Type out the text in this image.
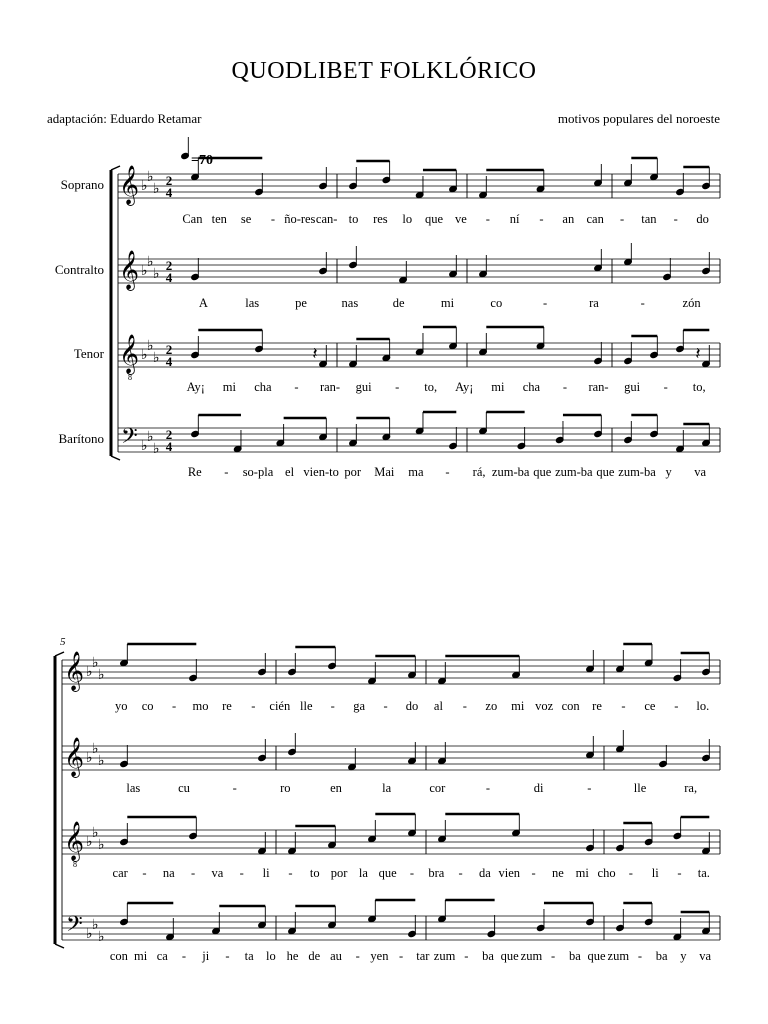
QUODLIBET FOLKLÓRICO
adaptación: Eduardo Retamar	motivos populares del noroeste
𝄞 ♭
♭
♭
2
4
Can ten se - ño-res can- to res lo que ve - ní - an can - tan - do
Soprano
𝄞 ♭
♭
♭
2
4
A	las	pe	nas	de	mi	co	-	ra	-	zón
Contralto
𝄞
8
♭
♭
♭
2
4	𝄽	𝄽
Ay¡ mi cha - ran- gui - to, Ay¡ mi cha - ran- gui - to,
Tenor
𝄢 ♭
♭
♭
2
4
Re - so-pla el vien-to por Mai ma - rá, zum-ba que zum-ba que zum-ba y va
Barítono
𝄞 ♭
♭
♭
yo co - mo re - cién lle - ga - do al - zo mi voz con re - ce - lo.
𝄞 ♭
♭
♭
las	cu	-	ro	en	la	cor	-	di	-	lle	ra,
𝄞
8
♭
♭
♭
car - na - va - li - to por la que - bra - da vien - ne mi cho - li - ta.
𝄢 ♭
♭
♭
con mi ca - ji - ta lo he de au - yen - tar zum - ba que zum - ba que zum - ba y va
=70
5
